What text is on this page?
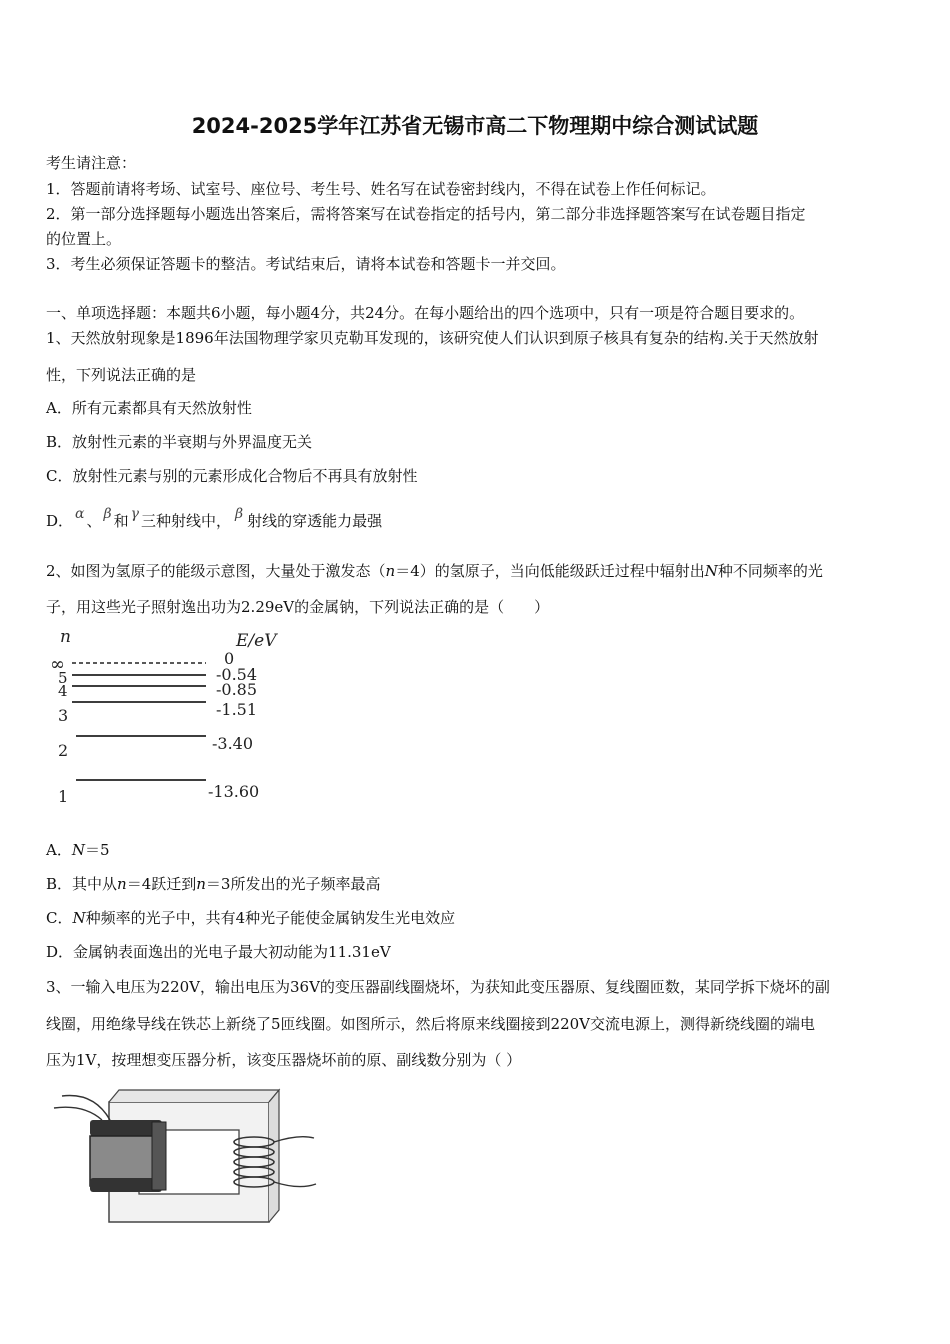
2024-2025学年江苏省无锡市高二下物理期中综合测试试题
考生请注意：
1．答题前请将考场、试室号、座位号、考生号、姓名写在试卷密封线内，不得在试卷上作任何标记。
2．第一部分选择题每小题选出答案后，需将答案写在试卷指定的括号内，第二部分非选择题答案写在试卷题目指定
的位置上。
3．考生必须保证答题卡的整洁。考试结束后，请将本试卷和答题卡一并交回。
一、单项选择题：本题共6小题，每小题4分，共24分。在每小题给出的四个选项中，只有一项是符合题目要求的。
1、天然放射现象是1896年法国物理学家贝克勒耳发现的，该研究使人们认识到原子核具有复杂的结构.关于天然放射
性，下列说法正确的是
A．所有元素都具有天然放射性
B．放射性元素的半衰期与外界温度无关
C．放射性元素与别的元素形成化合物后不再具有放射性
D． α 、 β 和 γ 三种射线中， β 射线的穿透能力最强
2、如图为氢原子的能级示意图，大量处于激发态（n＝4）的氢原子，当向低能级跃迁过程中辐射出N种不同频率的光
子，用这些光子照射逸出功为2.29eV的金属钠，下列说法正确的是（　　）
n	E/eV
∞
5
4
3
2
1
0
-0.54
-0.85
-1.51
-3.40
-13.60
A．N＝5
B．其中从n＝4跃迁到n＝3所发出的光子频率最高
C．N种频率的光子中，共有4种光子能使金属钠发生光电效应
D．金属钠表面逸出的光电子最大初动能为11.31eV
3、一输入电压为220V，输出电压为36V的变压器副线圈烧坏，为获知此变压器原、复线圈匝数，某同学拆下烧坏的副
线圈，用绝缘导线在铁芯上新绕了5匝线圈。如图所示，然后将原来线圈接到220V交流电源上，测得新绕线圈的端电
压为1V，按理想变压器分析，该变压器烧坏前的原、副线数分别为（ ）
